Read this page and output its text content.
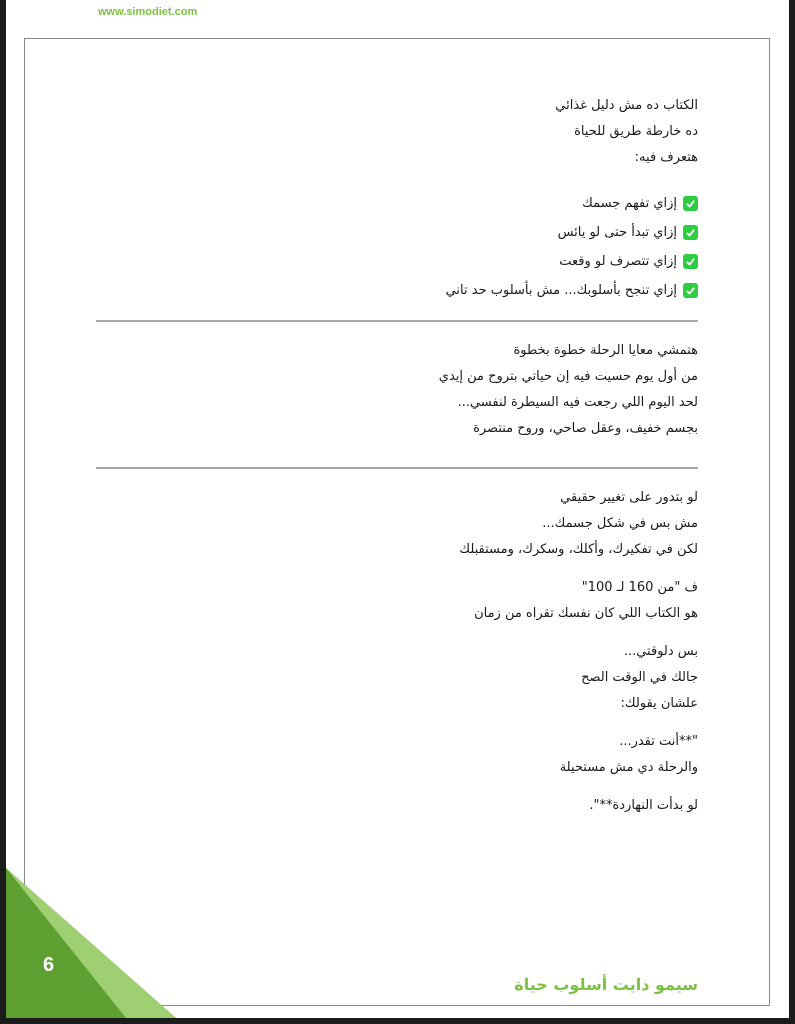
www.simodiet.com
الكتاب ده مش دليل غذائي
ده خارطة طريق للحياة
هتعرف فيه:
إزاي تفهم جسمك
إزاي تبدأ حتى لو يائس
إزاي تتصرف لو وقعت
إزاي تنجح بأسلوبك... مش بأسلوب حد تاني
هتمشي معايا الرحلة خطوة بخطوة
من أول يوم حسيت فيه إن حياتي بتروح من إيدي
لحد اليوم اللي رجعت فيه السيطرة لنفسي...
بجسم خفيف، وعقل صاحي، وروح منتصرة
لو بتدور على تغيير حقيقي
مش بس في شكل جسمك...
لكن في تفكيرك، وأكلك، وسكرك، ومستقبلك
ف "من 160 لـ 100"
هو الكتاب اللي كان نفسك تقراه من زمان
بس دلوقتي...
جالك في الوقت الصح
علشان يقولك:
"**أنت تقدر...
والرحلة دي مش مستحيلة
لو بدأت النهاردة**".
6
سيمو دايت أسلوب حياة
